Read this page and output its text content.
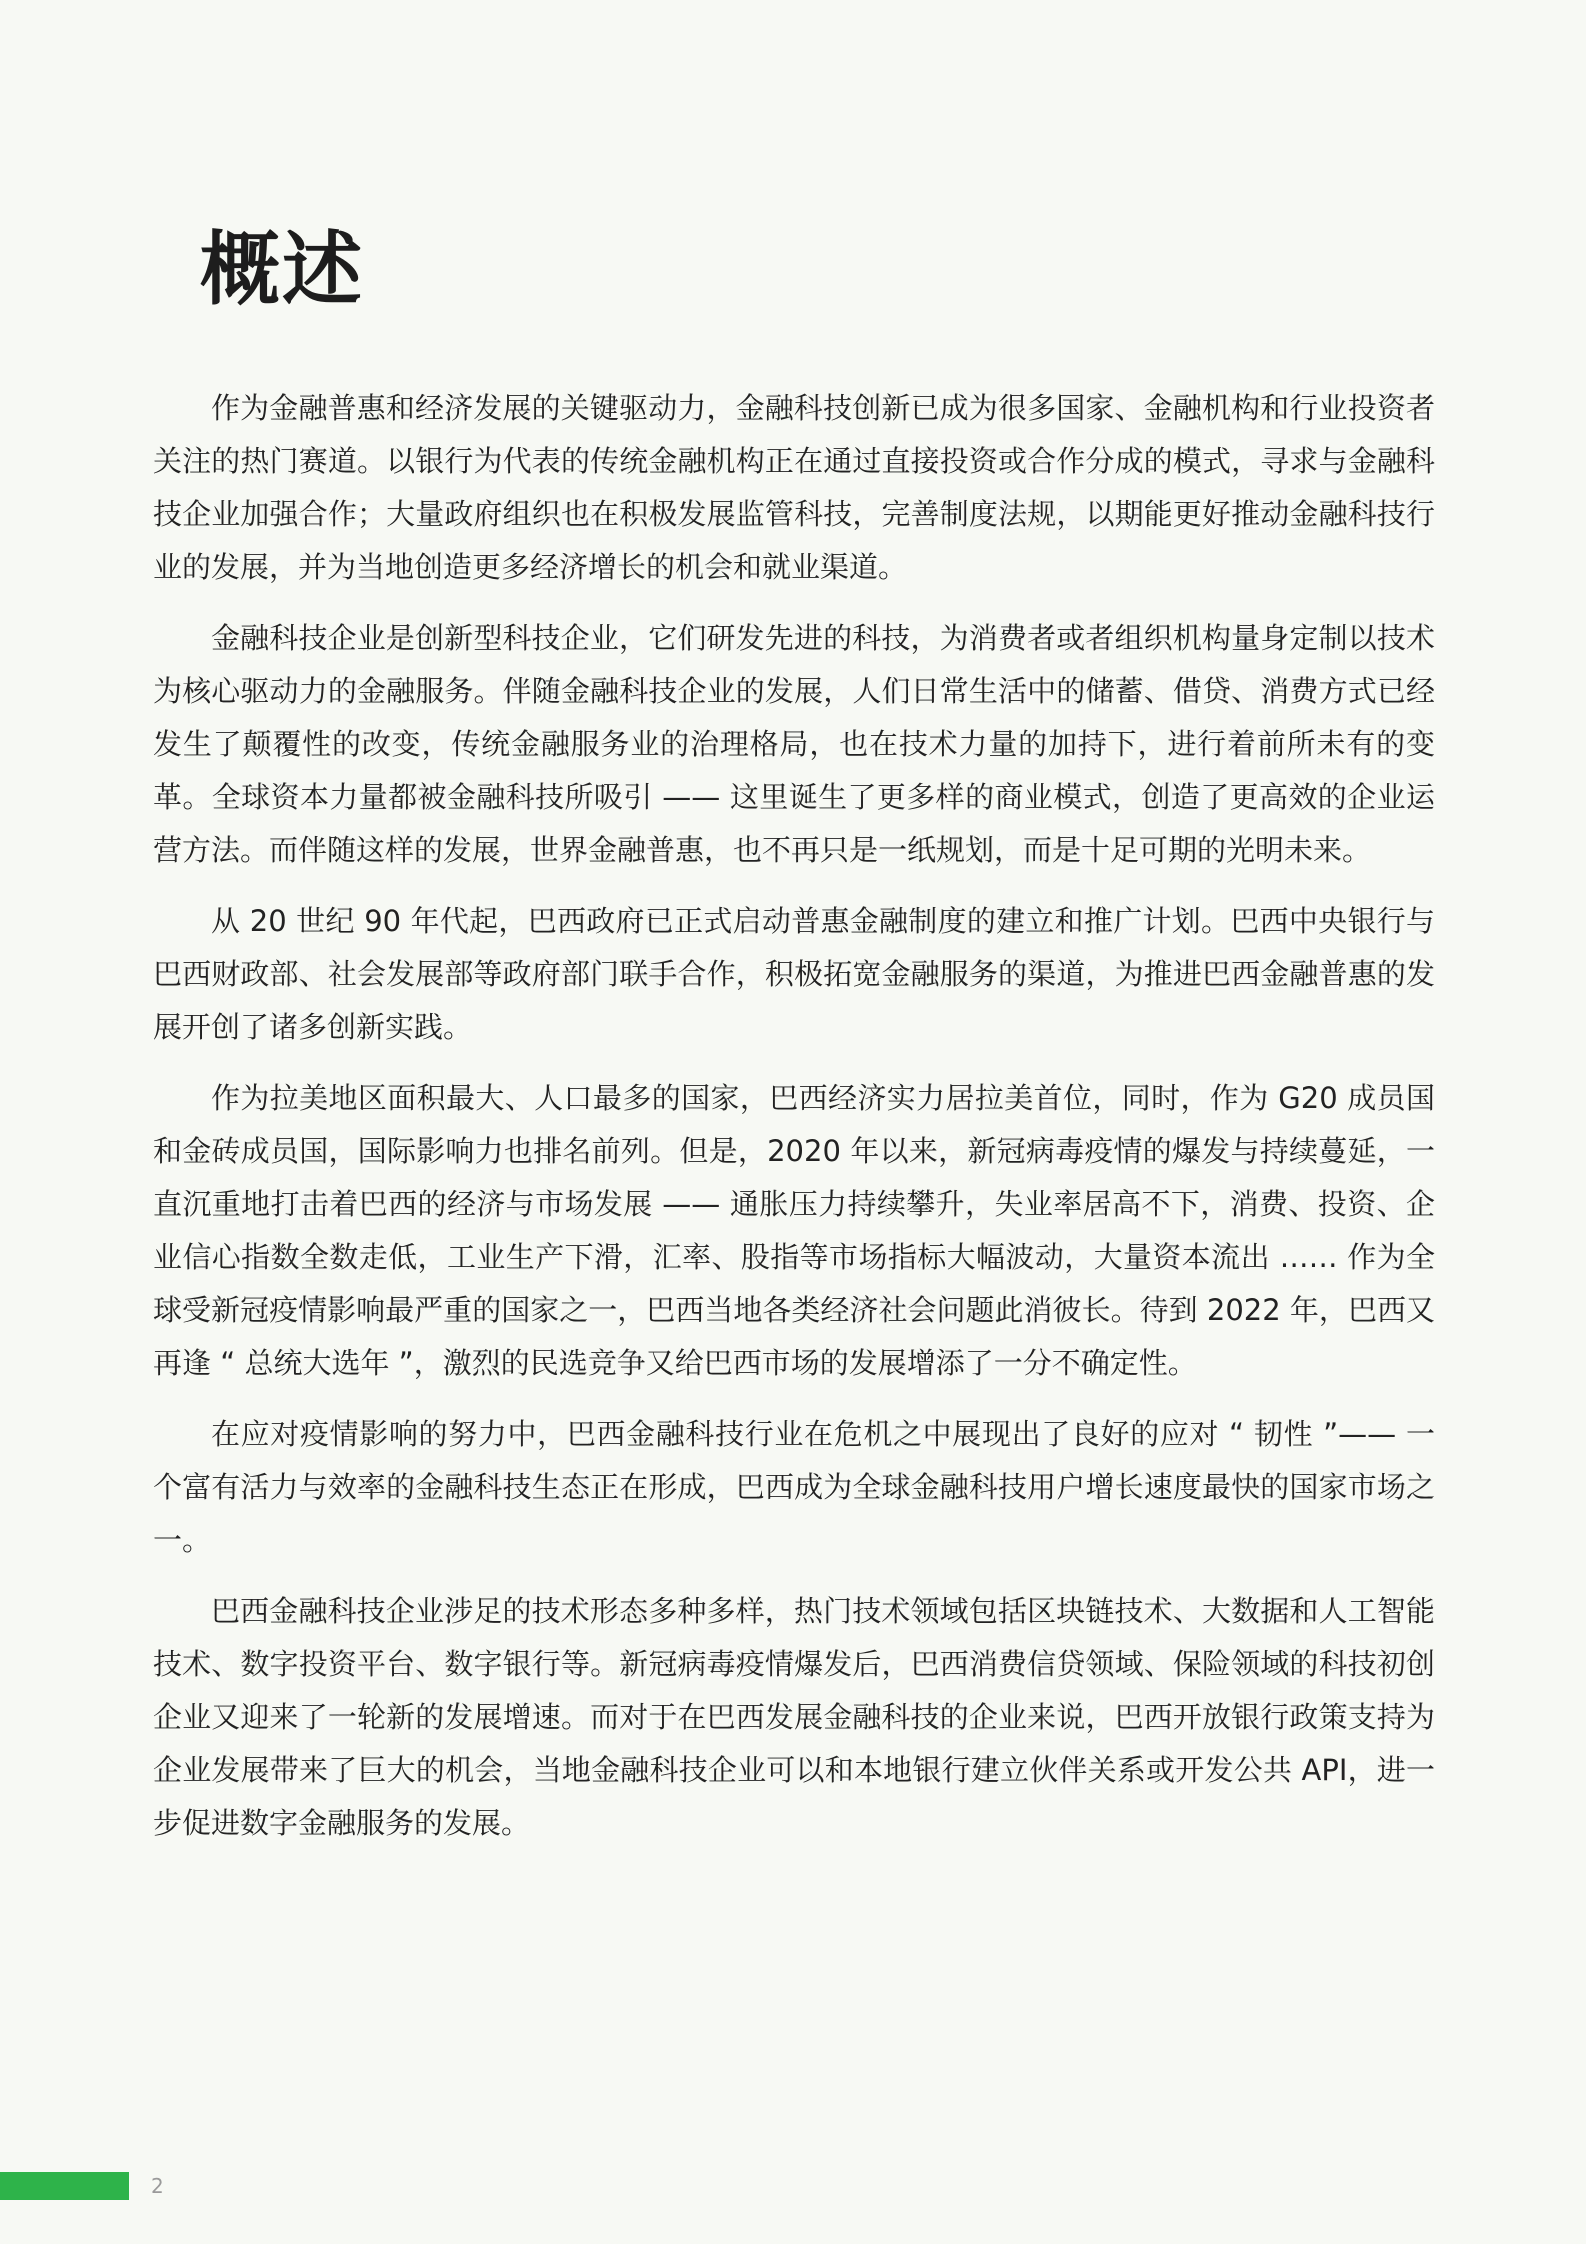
概述

作为金融普惠和经济发展的关键驱动力，金融科技创新已成为很多国家、金融机构和行业投资者关注的热门赛道。以银行为代表的传统金融机构正在通过直接投资或合作分成的模式，寻求与金融科技企业加强合作；大量政府组织也在积极发展监管科技，完善制度法规，以期能更好推动金融科技行业的发展，并为当地创造更多经济增长的机会和就业渠道。

金融科技企业是创新型科技企业，它们研发先进的科技，为消费者或者组织机构量身定制以技术为核心驱动力的金融服务。伴随金融科技企业的发展，人们日常生活中的储蓄、借贷、消费方式已经发生了颠覆性的改变，传统金融服务业的治理格局，也在技术力量的加持下，进行着前所未有的变革。全球资本力量都被金融科技所吸引 —— 这里诞生了更多样的商业模式，创造了更高效的企业运营方法。而伴随这样的发展，世界金融普惠，也不再只是一纸规划，而是十足可期的光明未来。

从 20 世纪 90 年代起，巴西政府已正式启动普惠金融制度的建立和推广计划。巴西中央银行与巴西财政部、社会发展部等政府部门联手合作，积极拓宽金融服务的渠道，为推进巴西金融普惠的发展开创了诸多创新实践。

作为拉美地区面积最大、人口最多的国家，巴西经济实力居拉美首位，同时，作为 G20 成员国和金砖成员国，国际影响力也排名前列。但是，2020 年以来，新冠病毒疫情的爆发与持续蔓延，一直沉重地打击着巴西的经济与市场发展 —— 通胀压力持续攀升，失业率居高不下，消费、投资、企业信心指数全数走低，工业生产下滑，汇率、股指等市场指标大幅波动，大量资本流出 …… 作为全球受新冠疫情影响最严重的国家之一，巴西当地各类经济社会问题此消彼长。待到 2022 年，巴西又再逢 “ 总统大选年 ”，激烈的民选竞争又给巴西市场的发展增添了一分不确定性。

在应对疫情影响的努力中，巴西金融科技行业在危机之中展现出了良好的应对 “ 韧性 ”—— 一个富有活力与效率的金融科技生态正在形成，巴西成为全球金融科技用户增长速度最快的国家市场之一。

巴西金融科技企业涉足的技术形态多种多样，热门技术领域包括区块链技术、大数据和人工智能技术、数字投资平台、数字银行等。新冠病毒疫情爆发后，巴西消费信贷领域、保险领域的科技初创企业又迎来了一轮新的发展增速。而对于在巴西发展金融科技的企业来说，巴西开放银行政策支持为企业发展带来了巨大的机会，当地金融科技企业可以和本地银行建立伙伴关系或开发公共 API，进一步促进数字金融服务的发展。

2
